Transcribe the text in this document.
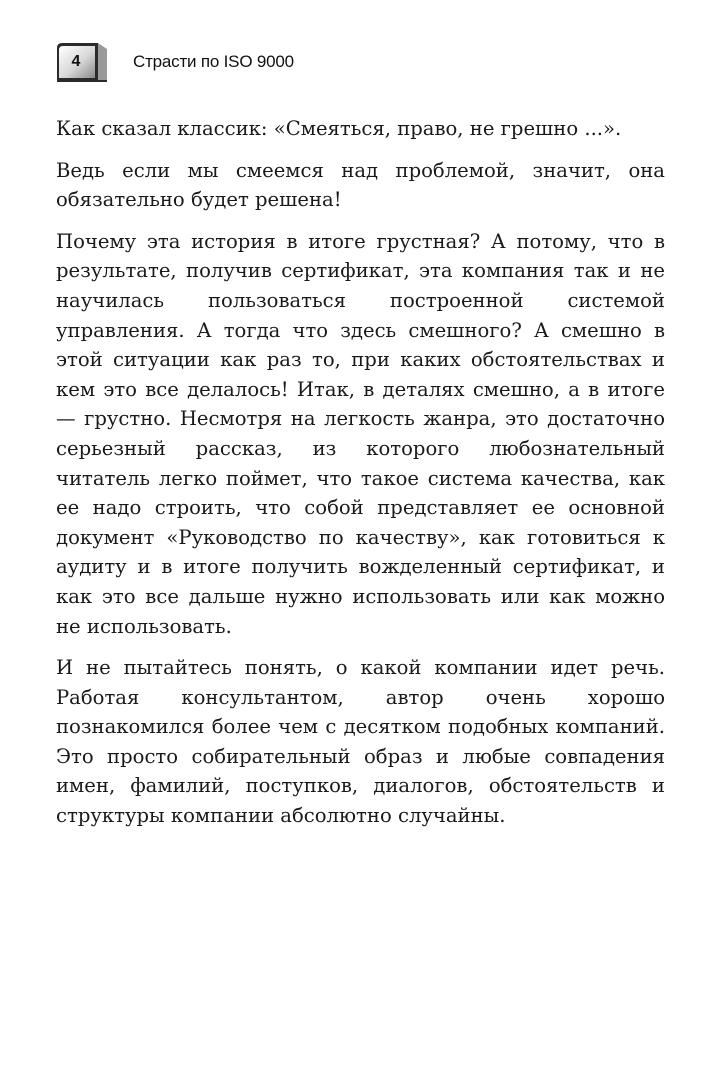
4	Страсти по ISO 9000

Как сказал классик: «Смеяться, право, не грешно ...».

Ведь если мы смеемся над проблемой, значит, она обязательно будет решена!

Почему эта история в итоге грустная? А потому, что в результате, получив сертификат, эта компания так и не научилась пользоваться построенной системой управления. А тогда что здесь смешного? А смешно в этой ситуации как раз то, при каких обстоятельствах и кем это все делалось! Итак, в деталях смешно, а в итоге — грустно. Несмотря на легкость жанра, это достаточно серьезный рассказ, из которого любознательный читатель легко поймет, что такое система качества, как ее надо строить, что собой представляет ее основной документ «Руководство по качеству», как готовиться к аудиту и в итоге получить вожделенный сертификат, и как это все дальше нужно использовать или как можно не использовать.

И не пытайтесь понять, о какой компании идет речь. Работая консультантом, автор очень хорошо познакомился более чем с десятком подобных компаний. Это просто собирательный образ и любые совпадения имен, фамилий, поступков, диалогов, обстоятельств и структуры компании абсолютно случайны.
